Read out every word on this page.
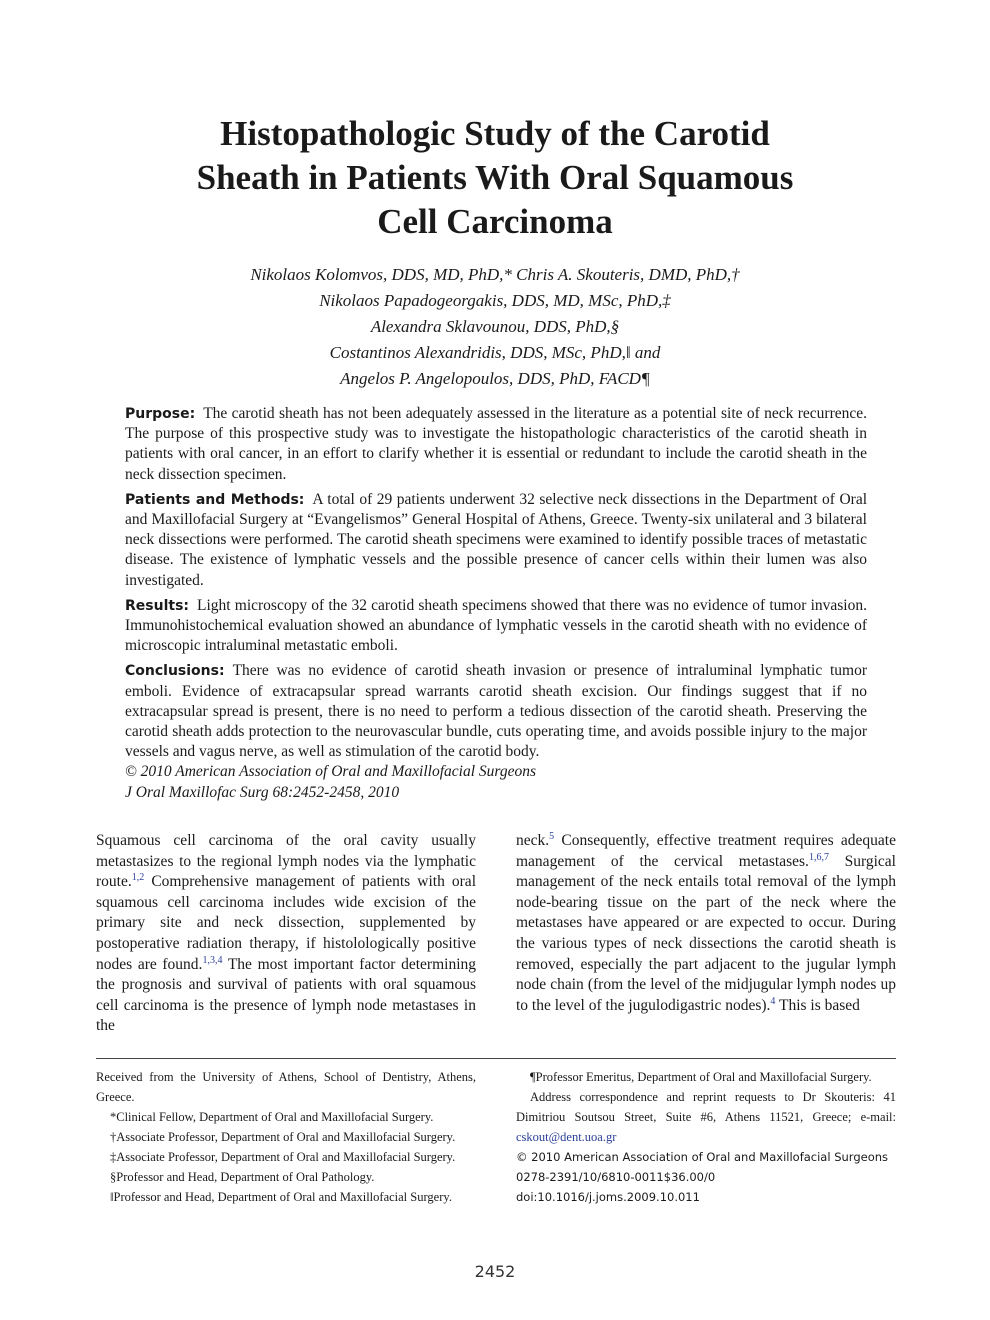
Histopathologic Study of the Carotid
Sheath in Patients With Oral Squamous
Cell Carcinoma
Nikolaos Kolomvos, DDS, MD, PhD,* Chris A. Skouteris, DMD, PhD,†
Nikolaos Papadogeorgakis, DDS, MD, MSc, PhD,‡
Alexandra Sklavounou, DDS, PhD,§
Costantinos Alexandridis, DDS, MSc, PhD,‖ and
Angelos P. Angelopoulos, DDS, PhD, FACD¶

Purpose: The carotid sheath has not been adequately assessed in the literature as a potential site of neck recurrence. The purpose of this prospective study was to investigate the histopathologic characteristics of the carotid sheath in patients with oral cancer, in an effort to clarify whether it is essential or redundant to include the carotid sheath in the neck dissection specimen.

Patients and Methods: A total of 29 patients underwent 32 selective neck dissections in the Department of Oral and Maxillofacial Surgery at “Evangelismos” General Hospital of Athens, Greece. Twenty-six unilateral and 3 bilateral neck dissections were performed. The carotid sheath specimens were examined to identify possible traces of metastatic disease. The existence of lymphatic vessels and the possible presence of cancer cells within their lumen was also investigated.

Results: Light microscopy of the 32 carotid sheath specimens showed that there was no evidence of tumor invasion. Immunohistochemical evaluation showed an abundance of lymphatic vessels in the carotid sheath with no evidence of microscopic intraluminal metastatic emboli.

Conclusions: There was no evidence of carotid sheath invasion or presence of intraluminal lymphatic tumor emboli. Evidence of extracapsular spread warrants carotid sheath excision. Our findings suggest that if no extracapsular spread is present, there is no need to perform a tedious dissection of the carotid sheath. Preserving the carotid sheath adds protection to the neurovascular bundle, cuts operating time, and avoids possible injury to the major vessels and vagus nerve, as well as stimulation of the carotid body.

© 2010 American Association of Oral and Maxillofacial Surgeons

J Oral Maxillofac Surg 68:2452-2458, 2010

Squamous cell carcinoma of the oral cavity usually metastasizes to the regional lymph nodes via the lymphatic route.$^{1,2}$ Comprehensive management of patients with oral squamous cell carcinoma includes wide excision of the primary site and neck dissection, supplemented by postoperative radiation therapy, if histolologically positive nodes are found.$^{1,3,4}$ The most important factor determining the prognosis and survival of patients with oral squamous cell carcinoma is the presence of lymph node metastases in the

neck.$^5$ Consequently, effective treatment requires adequate management of the cervical metastases.$^{1,6,7}$ Surgical management of the neck entails total removal of the lymph node-bearing tissue on the part of the neck where the metastases have appeared or are expected to occur. During the various types of neck dissections the carotid sheath is removed, especially the part adjacent to the jugular lymph node chain (from the level of the midjugular lymph nodes up to the level of the jugulodigastric nodes).$^4$ This is based

Received from the University of Athens, School of Dentistry, Athens, Greece.

*Clinical Fellow, Department of Oral and Maxillofacial Surgery.

†Associate Professor, Department of Oral and Maxillofacial Surgery.

‡Associate Professor, Department of Oral and Maxillofacial Surgery.

§Professor and Head, Department of Oral Pathology.

‖Professor and Head, Department of Oral and Maxillofacial Surgery.

¶Professor Emeritus, Department of Oral and Maxillofacial Surgery.

Address correspondence and reprint requests to Dr Skouteris: 41 Dimitriou Soutsou Street, Suite #6, Athens 11521, Greece; e-mail: cskout@dent.uoa.gr

© 2010 American Association of Oral and Maxillofacial Surgeons

0278-2391/10/6810-0011$36.00/0

doi:10.1016/j.joms.2009.10.011

2452
